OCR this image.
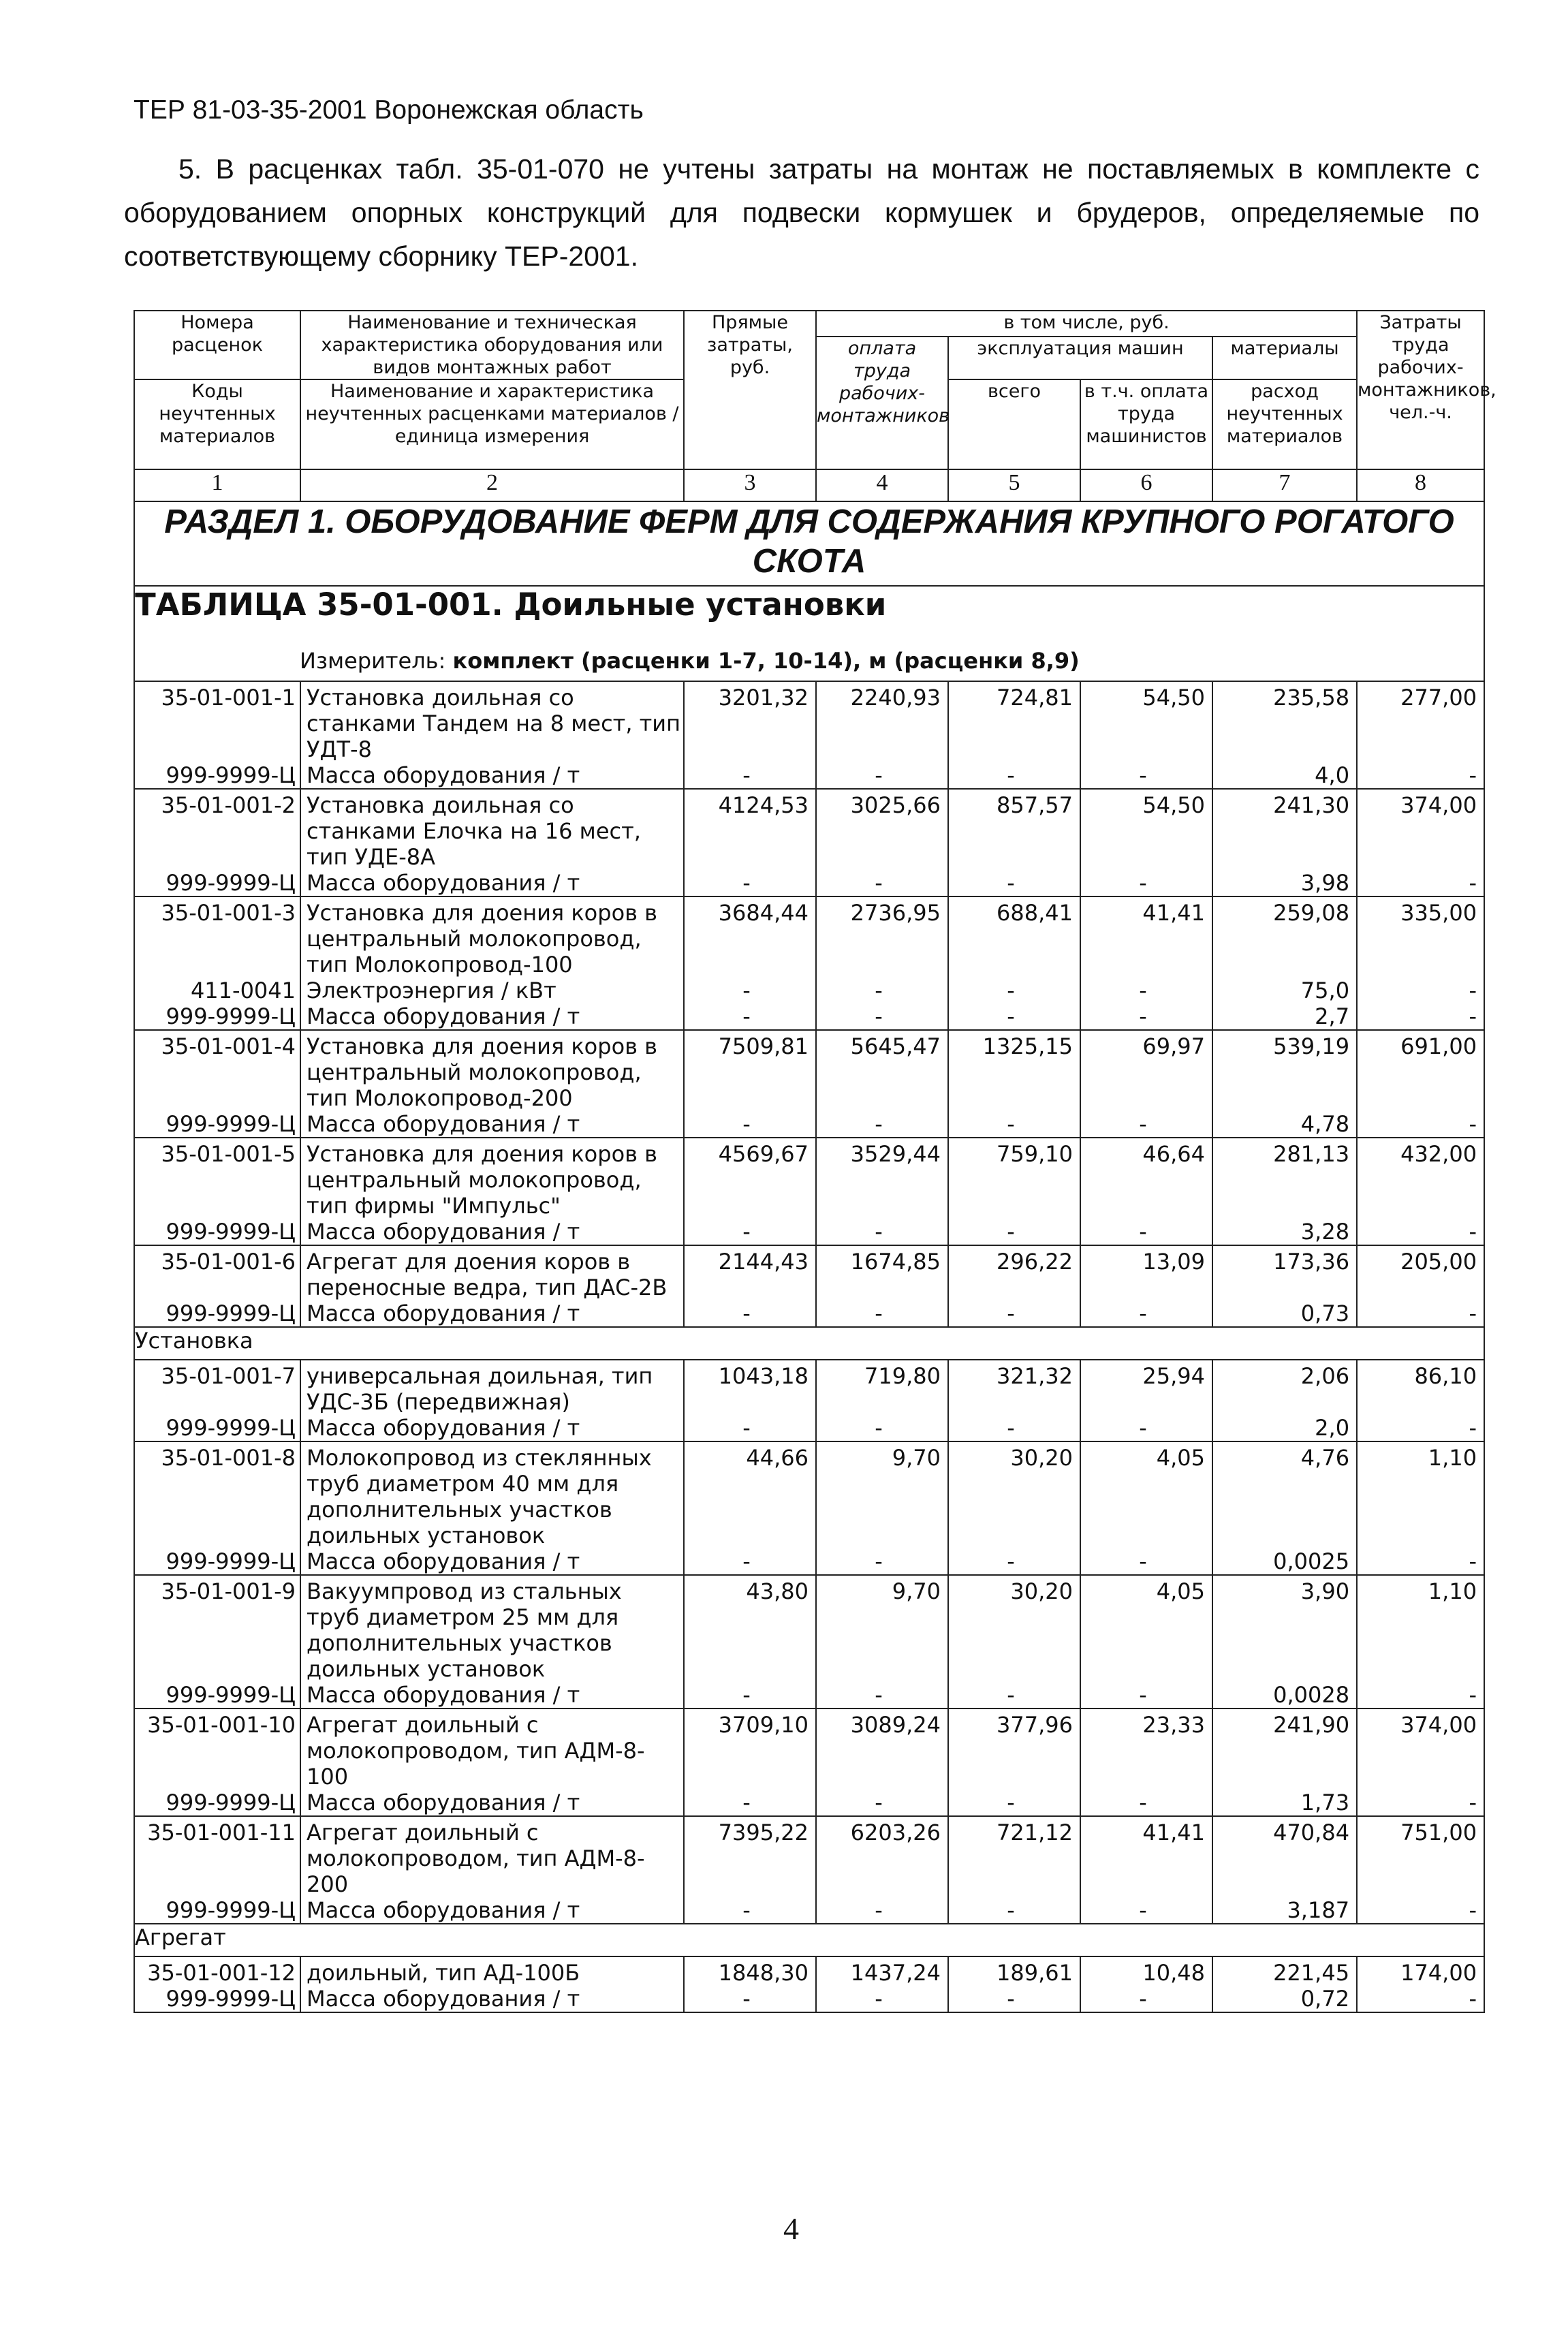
ТЕР 81-03-35-2001 Воронежская область
5. В расценках табл. 35-01-070 не учтены затраты на монтаж не поставляемых в комплекте с оборудованием опорных конструкций для подвески кормушек и брудеров, определяемые по соответствующему сборнику ТЕР-2001.
Номера расценок	Наименование и техническая характеристика оборудования или видов монтажных работ	Прямые затраты, руб.	в том числе, руб.				Затраты труда рабочих-монтажников, чел.-ч.
			оплата труда рабочих-монтажников	эксплуатация машин		материалы	
Коды неучтенных материалов	Наименование и характеристика неучтенных расценками материалов / единица измерения			всего	в т.ч. оплата труда машинистов	расход неучтенных материалов	

1	2	3	4	5	6	7	8
РАЗДЕЛ 1. ОБОРУДОВАНИЕ ФЕРМ ДЛЯ СОДЕРЖАНИЯ КРУПНОГО РОГАТОГО СКОТА							
ТАБЛИЦА 35-01-001. Доильные установки							
Измеритель: комплект (расценки 1-7, 10-14), м (расценки 8,9)							
35-01-001-1	Установка доильная со станками Тандем на 8 мест, тип УДТ-8	3201,32	2240,93	724,81	54,50	235,58	277,00
999-9999-Ц	Масса оборудования / т	-	-	-	-	4,0	-
35-01-001-2	Установка доильная со станками Елочка на 16 мест, тип УДЕ-8А	4124,53	3025,66	857,57	54,50	241,30	374,00
999-9999-Ц	Масса оборудования / т	-	-	-	-	3,98	-
35-01-001-3	Установка для доения коров в центральный молокопровод, тип Молокопровод-100	3684,44	2736,95	688,41	41,41	259,08	335,00
411-0041	Электроэнергия / кВт	-	-	-	-	75,0	-
999-9999-Ц	Масса оборудования / т	-	-	-	-	2,7	-
35-01-001-4	Установка для доения коров в центральный молокопровод, тип Молокопровод-200	7509,81	5645,47	1325,15	69,97	539,19	691,00
999-9999-Ц	Масса оборудования / т	-	-	-	-	4,78	-
35-01-001-5	Установка для доения коров в центральный молокопровод, тип фирмы "Импульс"	4569,67	3529,44	759,10	46,64	281,13	432,00
999-9999-Ц	Масса оборудования / т	-	-	-	-	3,28	-
35-01-001-6	Агрегат для доения коров в переносные ведра, тип ДАС-2В	2144,43	1674,85	296,22	13,09	173,36	205,00
999-9999-Ц	Масса оборудования / т	-	-	-	-	0,73	-
Установка							
35-01-001-7	универсальная доильная, тип УДС-3Б (передвижная)	1043,18	719,80	321,32	25,94	2,06	86,10
999-9999-Ц	Масса оборудования / т	-	-	-	-	2,0	-
35-01-001-8	Молокопровод из стеклянных труб диаметром 40 мм для дополнительных участков доильных установок	44,66	9,70	30,20	4,05	4,76	1,10
999-9999-Ц	Масса оборудования / т	-	-	-	-	0,0025	-
35-01-001-9	Вакуумпровод из стальных труб диаметром 25 мм для дополнительных участков доильных установок	43,80	9,70	30,20	4,05	3,90	1,10
999-9999-Ц	Масса оборудования / т	-	-	-	-	0,0028	-
35-01-001-10	Агрегат доильный с молокопроводом, тип АДМ-8-100	3709,10	3089,24	377,96	23,33	241,90	374,00
999-9999-Ц	Масса оборудования / т	-	-	-	-	1,73	-
35-01-001-11	Агрегат доильный с молокопроводом, тип АДМ-8-200	7395,22	6203,26	721,12	41,41	470,84	751,00
999-9999-Ц	Масса оборудования / т	-	-	-	-	3,187	-
Агрегат							
35-01-001-12	доильный, тип АД-100Б	1848,30	1437,24	189,61	10,48	221,45	174,00
999-9999-Ц	Масса оборудования / т	-	-	-	-	0,72	-
4
